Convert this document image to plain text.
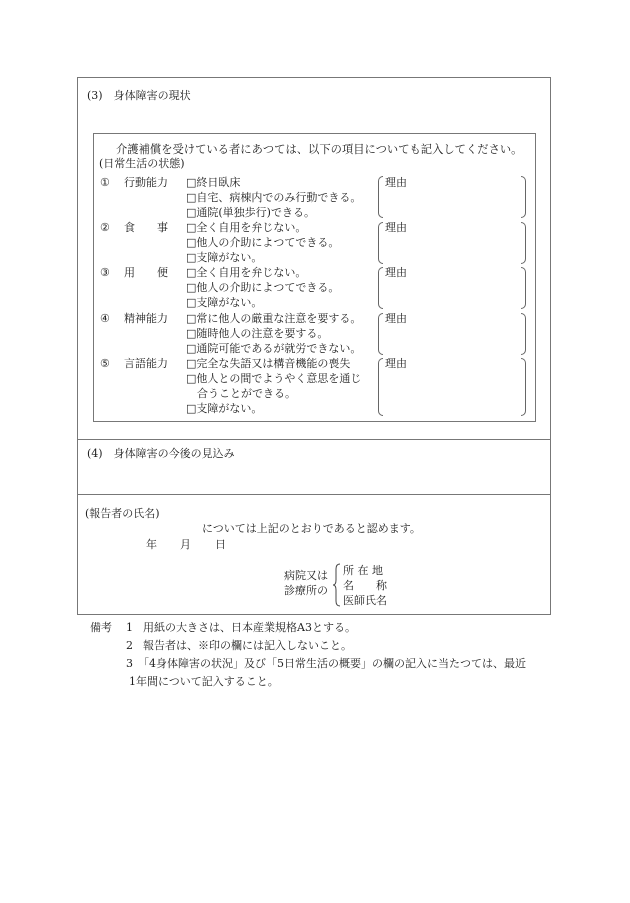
(3)　身体障害の現状
介護補償を受けている者にあつては、以下の項目についても記入してください。
(日常生活の状態)
① 行動能力 □終日臥床
□自宅、病棟内でのみ行動できる。
□通院(単独歩行)できる。
理由
② 食　　事 □全く自用を弁じない。
□他人の介助によつてできる。
□支障がない。
理由
③ 用　　便 □全く自用を弁じない。
□他人の介助によつてできる。
□支障がない。
理由
④ 精神能力 □常に他人の厳重な注意を要する。
□随時他人の注意を要する。
□通院可能であるが就労できない。
理由
⑤ 言語能力 □完全な失語又は構音機能の喪失
□他人との間でようやく意思を通じ
　合うことができる。
□支障がない。
理由
(4)　身体障害の今後の見込み
(報告者の氏名)
については上記のとおりであると認めます。
年 月 日
病院又は
診療所の
所 在 地
名　　称
医師氏名
備考 1 用紙の大きさは、日本産業規格A3とする。
2 報告者は、※印の欄には記入しないこと。
3 「4身体障害の状況」及び「5日常生活の概要」の欄の記入に当たつては、最近
1年間について記入すること。
